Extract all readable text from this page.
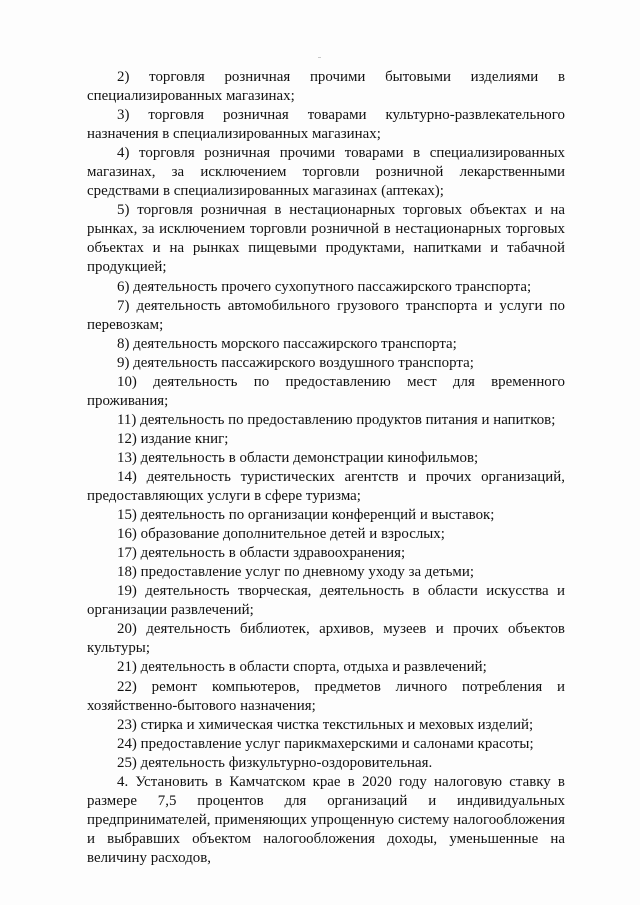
2) торговля розничная прочими бытовыми изделиями в специализированных магазинах;

3) торговля розничная товарами культурно-развлекательного назначения в специализированных магазинах;

4) торговля розничная прочими товарами в специализированных магазинах, за исключением торговли розничной лекарственными средствами в специализированных магазинах (аптеках);

5) торговля розничная в нестационарных торговых объектах и на рынках, за исключением торговли розничной в нестационарных торговых объектах и на рынках пищевыми продуктами, напитками и табачной продукцией;

6) деятельность прочего сухопутного пассажирского транспорта;

7) деятельность автомобильного грузового транспорта и услуги по перевозкам;

8) деятельность морского пассажирского транспорта;

9) деятельность пассажирского воздушного транспорта;

10) деятельность по предоставлению мест для временного проживания;

11) деятельность по предоставлению продуктов питания и напитков;

12) издание книг;

13) деятельность в области демонстрации кинофильмов;

14) деятельность туристических агентств и прочих организаций, предоставляющих услуги в сфере туризма;

15) деятельность по организации конференций и выставок;

16) образование дополнительное детей и взрослых;

17) деятельность в области здравоохранения;

18) предоставление услуг по дневному уходу за детьми;

19) деятельность творческая, деятельность в области искусства и организации развлечений;

20) деятельность библиотек, архивов, музеев и прочих объектов культуры;

21) деятельность в области спорта, отдыха и развлечений;

22) ремонт компьютеров, предметов личного потребления и хозяйственно-бытового назначения;

23) стирка и химическая чистка текстильных и меховых изделий;

24) предоставление услуг парикмахерскими и салонами красоты;

25) деятельность физкультурно-оздоровительная.

4. Установить в Камчатском крае в 2020 году налоговую ставку в размере 7,5 процентов для организаций и индивидуальных предпринимателей, применяющих упрощенную систему налогообложения и выбравших объектом налогообложения доходы, уменьшенные на величину расходов,
